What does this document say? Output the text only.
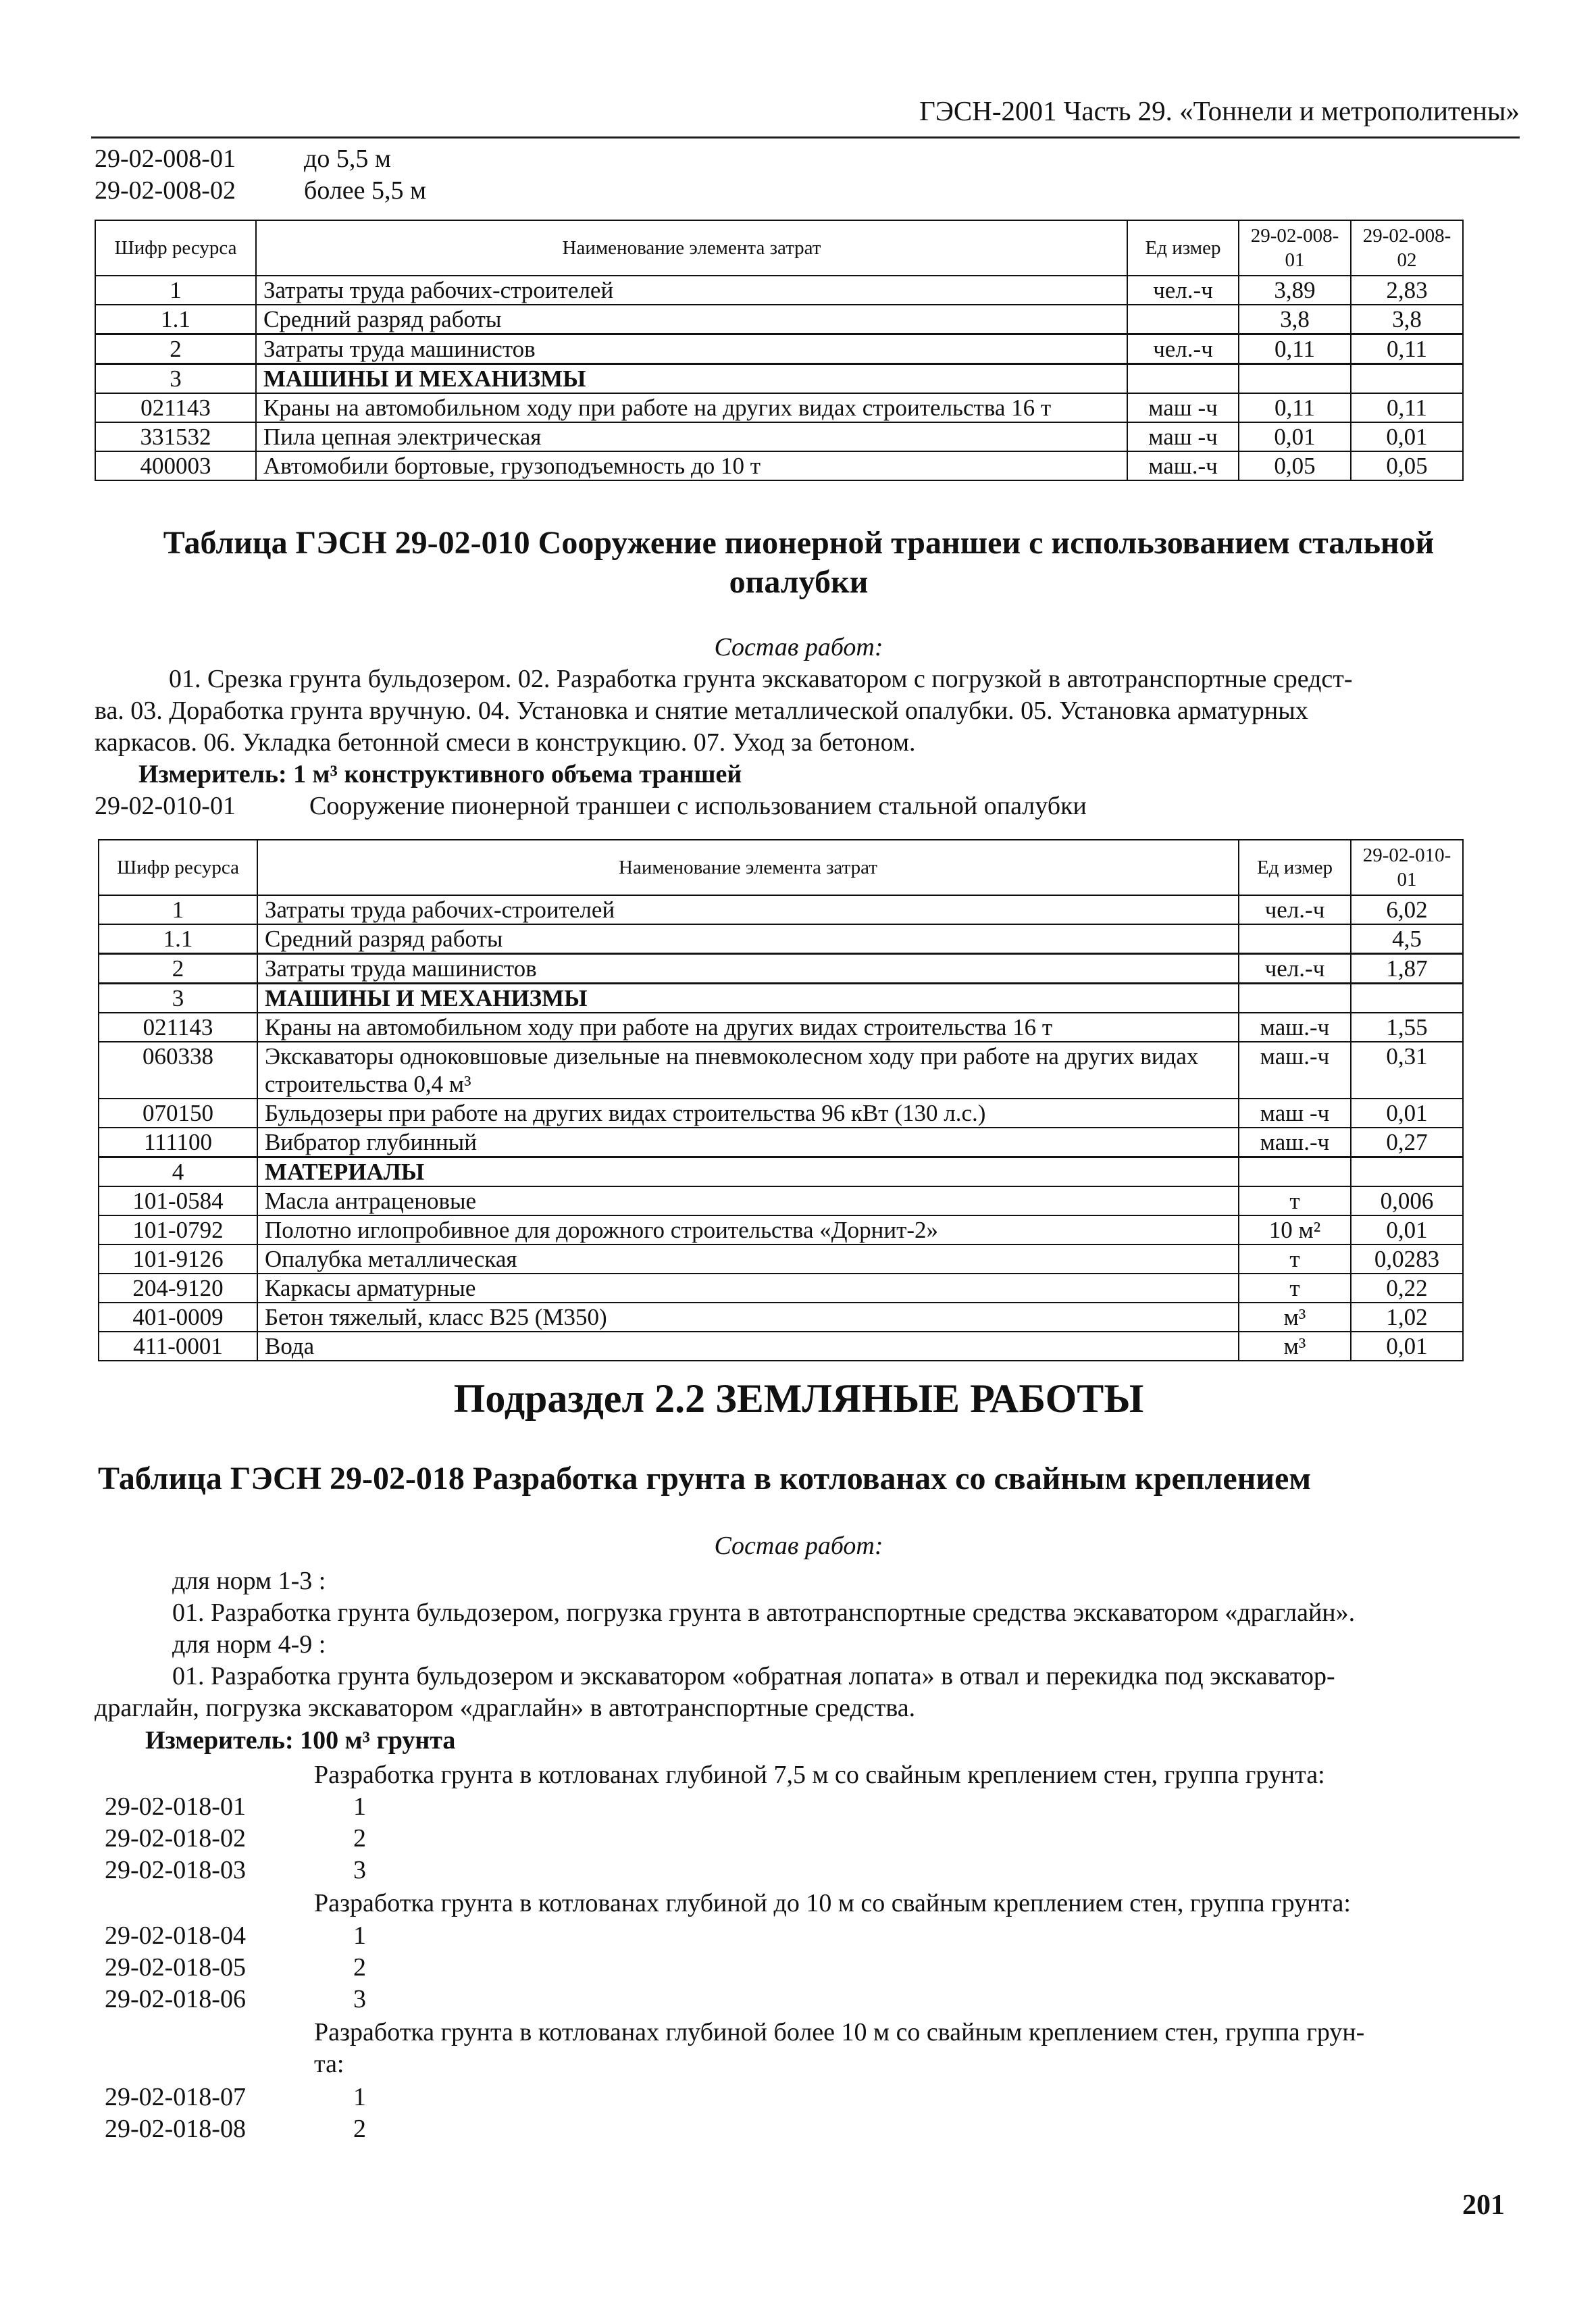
ГЭСН-2001 Часть 29. «Тоннели и метрополитены»
29-02-008-01	до 5,5 м
29-02-008-02	более 5,5 м
Шифр ресурса	Наименование элемента затрат	Ед измер	29-02-008-01	29-02-008-02
1	Затраты труда рабочих-строителей	чел.-ч	3,89	2,83
1.1	Средний разряд работы		3,8	3,8
2	Затраты труда машинистов	чел.-ч	0,11	0,11
3	МАШИНЫ И МЕХАНИЗМЫ			
021143	Краны на автомобильном ходу при работе на других видах строительства 16 т	маш -ч	0,11	0,11
331532	Пила цепная электрическая	маш -ч	0,01	0,01
400003	Автомобили бортовые, грузоподъемность до 10 т	маш.-ч	0,05	0,05
Таблица ГЭСН 29-02-010 Сооружение пионерной траншеи с использованием стальной
опалубки
Состав работ:
01. Срезка грунта бульдозером. 02. Разработка грунта экскаватором с погрузкой в автотранспортные средст-
ва. 03. Доработка грунта вручную. 04. Установка и снятие металлической опалубки. 05. Установка арматурных
каркасов. 06. Укладка бетонной смеси в конструкцию. 07. Уход за бетоном.
Измеритель: 1 м³ конструктивного объема траншей
29-02-010-01	Сооружение пионерной траншеи с использованием стальной опалубки
Шифр ресурса	Наименование элемента затрат	Ед измер	29-02-010-01
1	Затраты труда рабочих-строителей	чел.-ч	6,02
1.1	Средний разряд работы		4,5
2	Затраты труда машинистов	чел.-ч	1,87
3	МАШИНЫ И МЕХАНИЗМЫ		
021143	Краны на автомобильном ходу при работе на других видах строительства 16 т	маш.-ч	1,55
060338	Экскаваторы одноковшовые дизельные на пневмоколесном ходу при работе на других видах строительства 0,4 м³	маш.-ч	0,31
070150	Бульдозеры при работе на других видах строительства 96 кВт (130 л.с.)	маш -ч	0,01
111100	Вибратор глубинный	маш.-ч	0,27
4	МАТЕРИАЛЫ		
101-0584	Масла антраценовые	т	0,006
101-0792	Полотно иглопробивное для дорожного строительства «Дорнит-2»	10 м²	0,01
101-9126	Опалубка металлическая	т	0,0283
204-9120	Каркасы арматурные	т	0,22
401-0009	Бетон тяжелый, класс В25 (М350)	м³	1,02
411-0001	Вода	м³	0,01
Подраздел 2.2 ЗЕМЛЯНЫЕ РАБОТЫ
Таблица ГЭСН 29-02-018 Разработка грунта в котлованах со свайным креплением
Состав работ:
для норм 1-3 :
01. Разработка грунта бульдозером, погрузка грунта в автотранспортные средства экскаватором «драглайн».
для норм 4-9 :
01. Разработка грунта бульдозером и экскаватором «обратная лопата» в отвал и перекидка под экскаватор-
драглайн, погрузка экскаватором «драглайн» в автотранспортные средства.
Измеритель: 100 м³ грунта
Разработка грунта в котлованах глубиной 7,5 м со свайным креплением стен, группа грунта:
29-02-018-01	1
29-02-018-02	2
29-02-018-03	3
Разработка грунта в котлованах глубиной до 10 м со свайным креплением стен, группа грунта:
29-02-018-04	1
29-02-018-05	2
29-02-018-06	3
Разработка грунта в котлованах глубиной более 10 м со свайным креплением стен, группа грун-
та:
29-02-018-07	1
29-02-018-08	2
201
